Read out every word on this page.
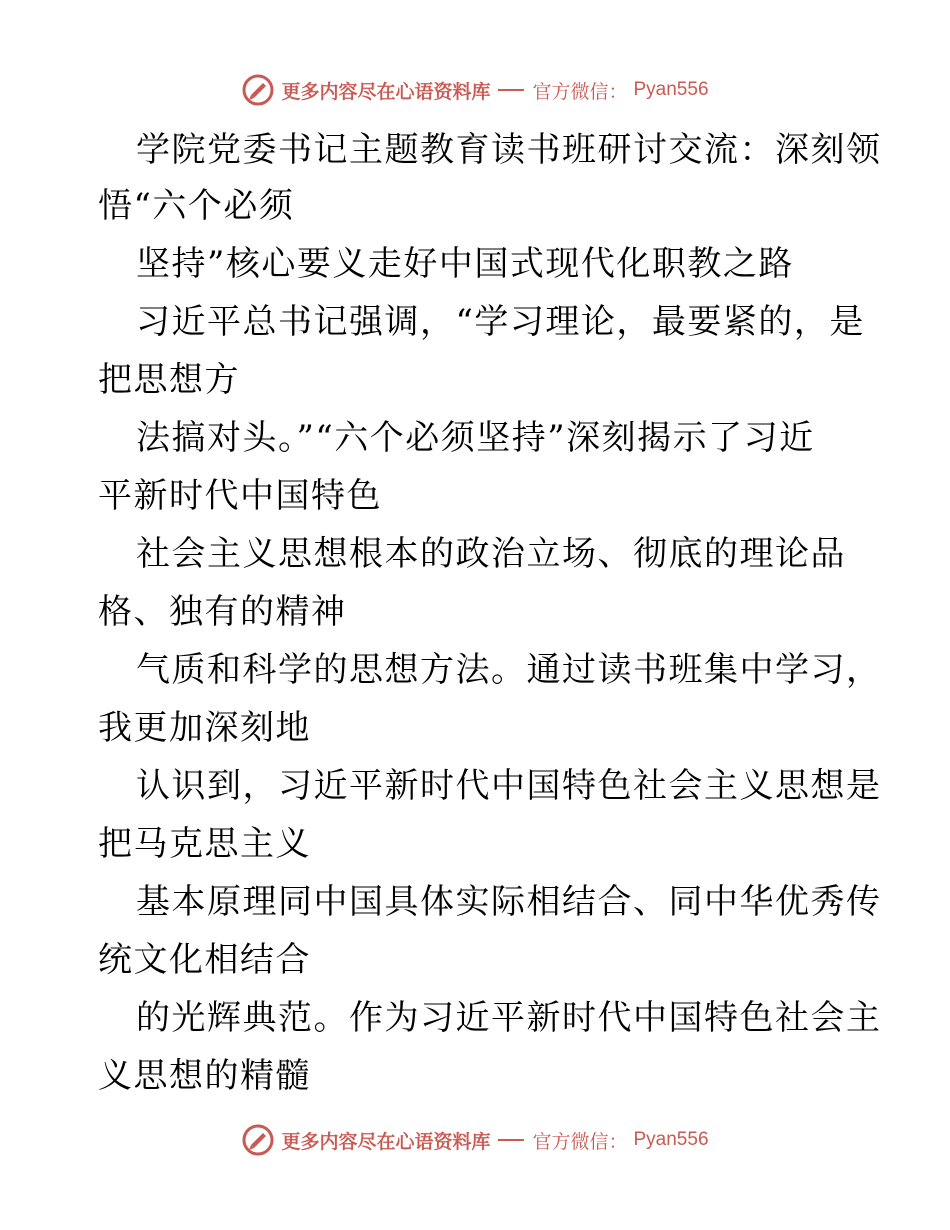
更多内容尽在心语资料库 官方微信： Pyan556
学院党委书记主题教育读书班研讨交流：深刻领
悟“六个必须
坚持”核心要义走好中国式现代化职教之路
习近平总书记强调，“学习理论，最要紧的，是
把思想方
法搞对头。”“六个必须坚持”深刻揭示了习近
平新时代中国特色
社会主义思想根本的政治立场、彻底的理论品
格、独有的精神
气质和科学的思想方法。通过读书班集中学习，
我更加深刻地
认识到，习近平新时代中国特色社会主义思想是
把马克思主义
基本原理同中国具体实际相结合、同中华优秀传
统文化相结合
的光辉典范。作为习近平新时代中国特色社会主
义思想的精髓
更多内容尽在心语资料库 官方微信： Pyan556
